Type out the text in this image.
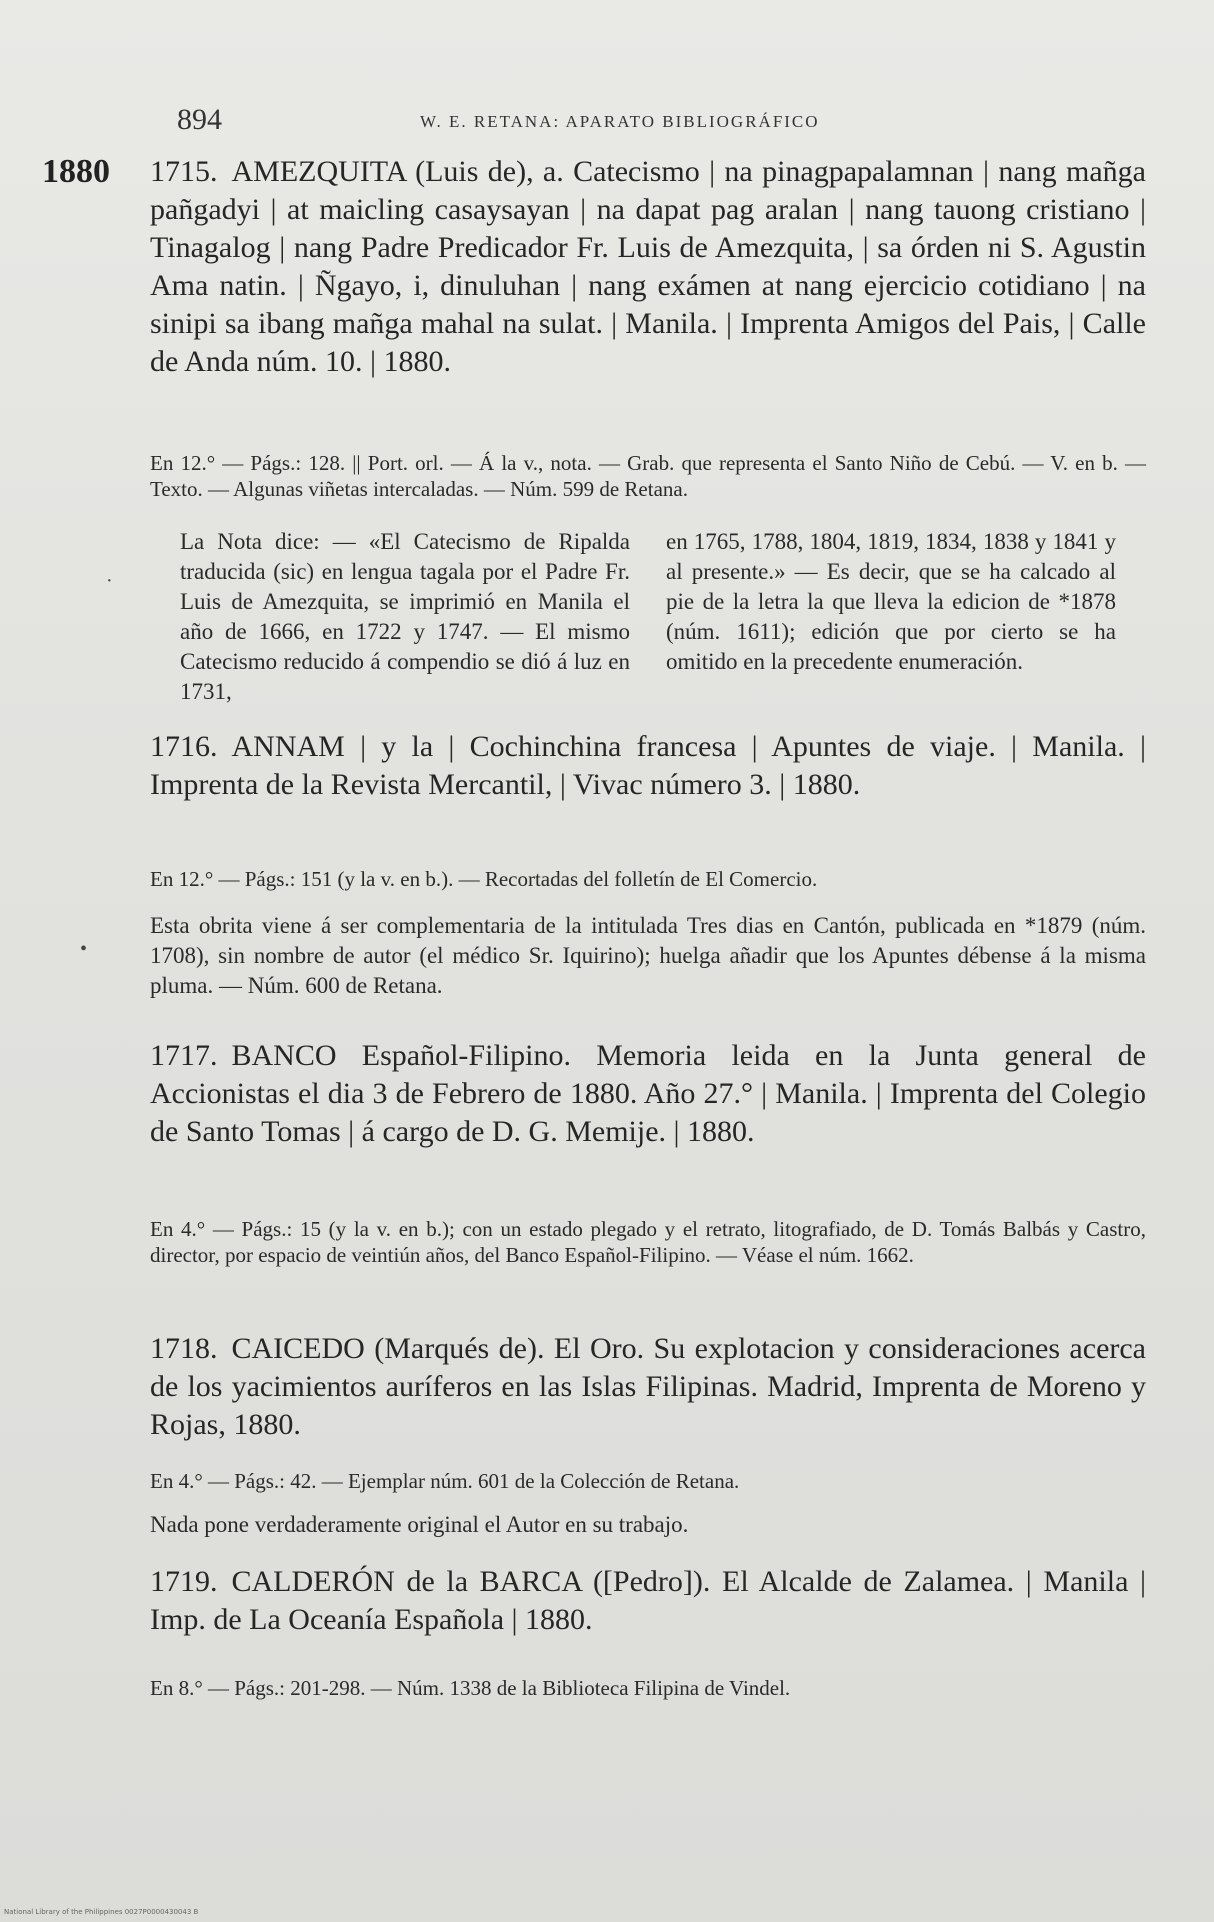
894	W. E. RETANA: APARATO BIBLIOGRÁFICO
1880 1715. AMEZQUITA (Luis de), a. Catecismo | na pinagpapalamnan | nang mañga pañgadyi | at maicling casaysayan | na dapat pag aralan | nang tauong cristiano | Tinagalog | nang Padre Predicador Fr. Luis de Amezquita, | sa órden ni S. Agustin Ama natin. | Ñgayo, i, dinuluhan | nang exámen at nang ejercicio cotidiano | na sinipi sa ibang mañga mahal na sulat. | Manila. | Imprenta Amigos del Pais, | Calle de Anda núm. 10. | 1880.
En 12.° — Págs.: 128. || Port. orl. — Á la v., nota. — Grab. que representa el Santo Niño de Cebú. — V. en b. — Texto. — Algunas viñetas intercaladas. — Núm. 599 de Retana.
La Nota dice: — «El Catecismo de Ripalda traducida (sic) en lengua tagala por el Padre Fr. Luis de Amezquita, se imprimió en Manila el año de 1666, en 1722 y 1747. — El mismo Catecismo reducido á compendio se dió á luz en 1731,
en 1765, 1788, 1804, 1819, 1834, 1838 y 1841 y al presente.» — Es decir, que se ha calcado al pie de la letra la que lleva la edicion de *1878 (núm. 1611); edición que por cierto se ha omitido en la precedente enumeración.
1716. ANNAM | y la | Cochinchina francesa | Apuntes de viaje. | Manila. | Imprenta de la Revista Mercantil, | Vivac número 3. | 1880.
En 12.° — Págs.: 151 (y la v. en b.). — Recortadas del folletín de El Comercio.
Esta obrita viene á ser complementaria de la intitulada Tres dias en Cantón, publicada en *1879 (núm. 1708), sin nombre de autor (el médico Sr. Iquirino); huelga añadir que los Apuntes débense á la misma pluma. — Núm. 600 de Retana.
1717. BANCO Español-Filipino. Memoria leida en la Junta general de Accionistas el dia 3 de Febrero de 1880. Año 27.° | Manila. | Imprenta del Colegio de Santo Tomas | á cargo de D. G. Memije. | 1880.
En 4.° — Págs.: 15 (y la v. en b.); con un estado plegado y el retrato, litografiado, de D. Tomás Balbás y Castro, director, por espacio de veintiún años, del Banco Español-Filipino. — Véase el núm. 1662.
1718. CAICEDO (Marqués de). El Oro. Su explotacion y consideraciones acerca de los yacimientos auríferos en las Islas Filipinas. Madrid, Imprenta de Moreno y Rojas, 1880.
En 4.° — Págs.: 42. — Ejemplar núm. 601 de la Colección de Retana.
Nada pone verdaderamente original el Autor en su trabajo.
1719. CALDERÓN de la BARCA ([Pedro]). El Alcalde de Zalamea. | Manila | Imp. de La Oceanía Española | 1880.
En 8.° — Págs.: 201-298. — Núm. 1338 de la Biblioteca Filipina de Vindel.
·
•
National Library of the Philippines 0027P0000430043 B
